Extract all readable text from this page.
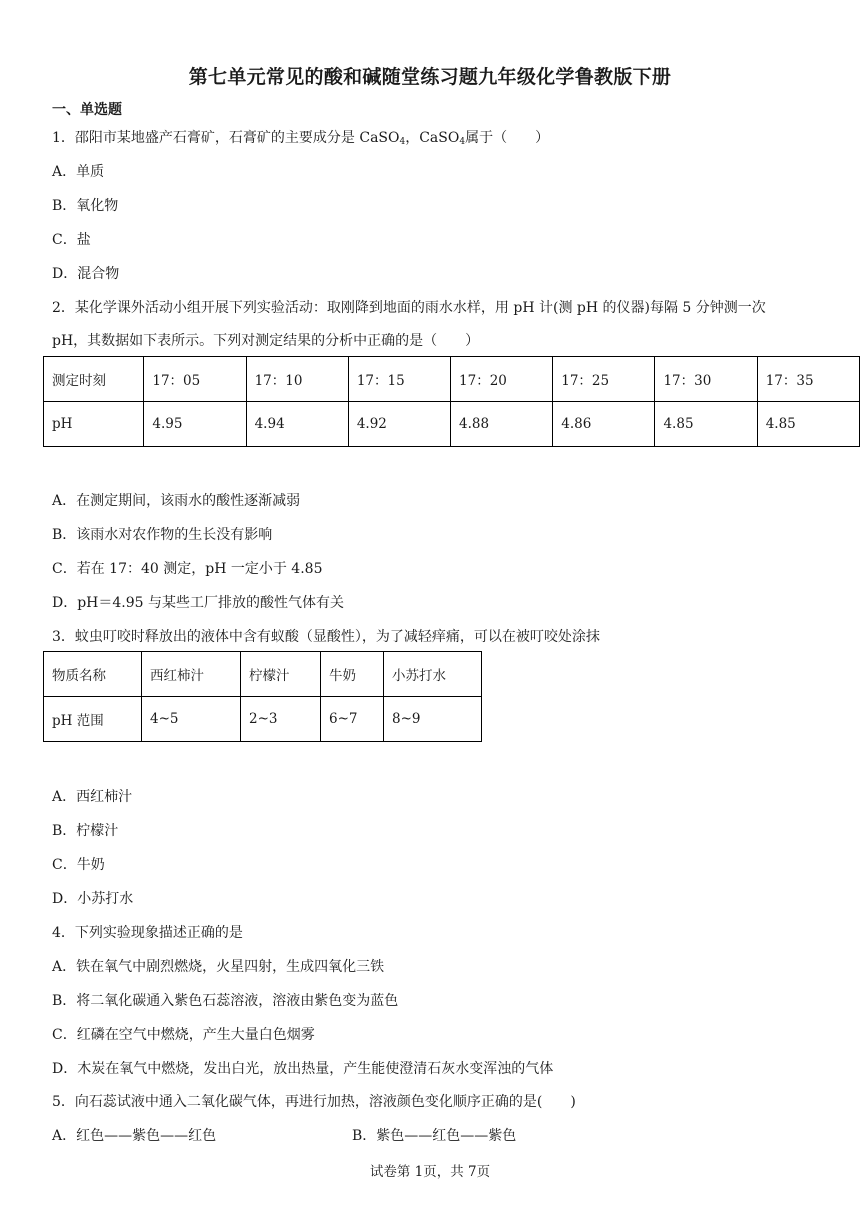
第七单元常见的酸和碱随堂练习题九年级化学鲁教版下册
一、单选题
1．邵阳市某地盛产石膏矿，石膏矿的主要成分是 CaSO$_4$，CaSO$_4$属于（　　）
A．单质
B．氧化物
C．盐
D．混合物
2．某化学课外活动小组开展下列实验活动：取刚降到地面的雨水水样，用 pH 计(测 pH 的仪器)每隔 5 分钟测一次
pH，其数据如下表所示。下列对测定结果的分析中正确的是（　　）
测定时刻	17：05	17：10	17：15	17：20	17：25	17：30	17：35
pH	4.95	4.94	4.92	4.88	4.86	4.85	4.85
A．在测定期间，该雨水的酸性逐渐减弱
B．该雨水对农作物的生长没有影响
C．若在 17：40 测定，pH 一定小于 4.85
D．pH＝4.95 与某些工厂排放的酸性气体有关
3．蚊虫叮咬时释放出的液体中含有蚁酸（显酸性），为了减轻痒痛，可以在被叮咬处涂抹
物质名称	西红柿汁	柠檬汁	牛奶	小苏打水
pH 范围	4~5	2~3	6~7	8~9
A．西红柿汁
B．柠檬汁
C．牛奶
D．小苏打水
4．下列实验现象描述正确的是
A．铁在氧气中剧烈燃烧，火星四射，生成四氧化三铁
B．将二氧化碳通入紫色石蕊溶液，溶液由紫色变为蓝色
C．红磷在空气中燃烧，产生大量白色烟雾
D．木炭在氧气中燃烧，发出白光，放出热量，产生能使澄清石灰水变浑浊的气体
5．向石蕊试液中通入二氧化碳气体，再进行加热，溶液颜色变化顺序正确的是(　　)
A．红色——紫色——红色	B．紫色——红色——紫色
试卷第 1页，共 7页
